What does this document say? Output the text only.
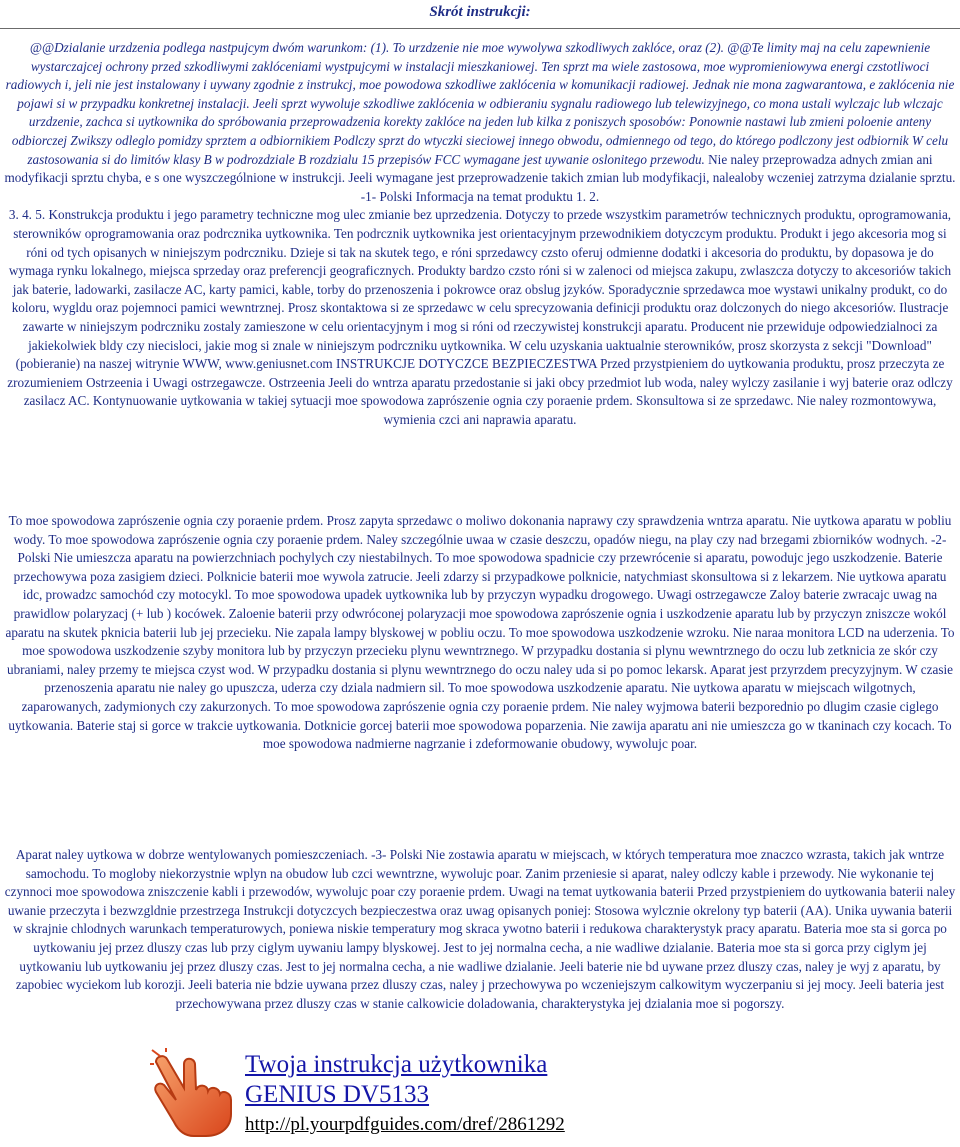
Skrót instrukcji:
@@Dzialanie urzdzenia podlega nastpujcym dwóm warunkom: (1). To urzdzenie nie moe wywolywa szkodliwych zaklóce, oraz (2). @@Te limity maj na celu zapewnienie wystarczajcej ochrony przed szkodliwymi zaklóceniami wystpujcymi w instalacji mieszkaniowej. Ten sprzt ma wiele zastosowa, moe wypromieniowywa energi czstotliwoci radiowych i, jeli nie jest instalowany i uywany zgodnie z instrukcj, moe powodowa szkodliwe zaklócenia w komunikacji radiowej. Jednak nie mona zagwarantowa, e zaklócenia nie pojawi si w przypadku konkretnej instalacji. Jeeli sprzt wywoluje szkodliwe zaklócenia w odbieraniu sygnalu radiowego lub telewizyjnego, co mona ustali wylczajc lub wlczajc urzdzenie, zachca si uytkownika do spróbowania przeprowadzenia korekty zaklóce na jeden lub kilka z poniszych sposobów: Ponownie nastawi lub zmieni poloenie anteny odbiorczej Zwikszy odleglo pomidzy sprztem a odbiornikiem Podlczy sprzt do wtyczki sieciowej innego obwodu, odmiennego od tego, do którego podlczony jest odbiornik W celu zastosowania si do limitów klasy B w podrozdziale B rozdzialu 15 przepisów FCC wymagane jest uywanie oslonitego przewodu. Nie naley przeprowadza adnych zmian ani modyfikacji sprztu chyba, e s one wyszczególnione w instrukcji. Jeeli wymagane jest przeprowadzenie takich zmian lub modyfikacji, nalealoby wczeniej zatrzyma dzialanie sprztu. -1- Polski Informacja na temat produktu 1. 2.
3. 4. 5. Konstrukcja produktu i jego parametry techniczne mog ulec zmianie bez uprzedzenia. Dotyczy to przede wszystkim parametrów technicznych produktu, oprogramowania, sterowników oprogramowania oraz podrcznika uytkownika. Ten podrcznik uytkownika jest orientacyjnym przewodnikiem dotyczcym produktu. Produkt i jego akcesoria mog si róni od tych opisanych w niniejszym podrczniku. Dzieje si tak na skutek tego, e róni sprzedawcy czsto oferuj odmienne dodatki i akcesoria do produktu, by dopasowa je do wymaga rynku lokalnego, miejsca sprzeday oraz preferencji geograficznych. Produkty bardzo czsto róni si w zalenoci od miejsca zakupu, zwlaszcza dotyczy to akcesoriów takich jak baterie, ladowarki, zasilacze AC, karty pamici, kable, torby do przenoszenia i pokrowce oraz obslug jzyków. Sporadycznie sprzedawca moe wystawi unikalny produkt, co do koloru, wygldu oraz pojemnoci pamici wewntrznej. Prosz skontaktowa si ze sprzedawc w celu sprecyzowania definicji produktu oraz dolczonych do niego akcesoriów. Ilustracje zawarte w niniejszym podrczniku zostaly zamieszone w celu orientacyjnym i mog si róni od rzeczywistej konstrukcji aparatu. Producent nie przewiduje odpowiedzialnoci za jakiekolwiek bldy czy niecisloci, jakie mog si znale w niniejszym podrczniku uytkownika. W celu uzyskania uaktualnie sterowników, prosz skorzysta z sekcji "Download" (pobieranie) na naszej witrynie WWW, www.geniusnet.com INSTRUKCJE DOTYCZCE BEZPIECZESTWA Przed przystpieniem do uytkowania produktu, prosz przeczyta ze zrozumieniem Ostrzeenia i Uwagi ostrzegawcze. Ostrzeenia Jeeli do wntrza aparatu przedostanie si jaki obcy przedmiot lub woda, naley wylczy zasilanie i wyj baterie oraz odlczy zasilacz AC. Kontynuowanie uytkowania w takiej sytuacji moe spowodowa zaprószenie ognia czy poraenie prdem. Skonsultowa si ze sprzedawc. Nie naley rozmontowywa, wymienia czci ani naprawia aparatu.
To moe spowodowa zaprószenie ognia czy poraenie prdem. Prosz zapyta sprzedawc o moliwo dokonania naprawy czy sprawdzenia wntrza aparatu. Nie uytkowa aparatu w pobliu wody. To moe spowodowa zaprószenie ognia czy poraenie prdem. Naley szczególnie uwaa w czasie deszczu, opadów niegu, na play czy nad brzegami zbiorników wodnych. -2- Polski Nie umieszcza aparatu na powierzchniach pochylych czy niestabilnych. To moe spowodowa spadnicie czy przewrócenie si aparatu, powodujc jego uszkodzenie. Baterie przechowywa poza zasigiem dzieci. Polknicie baterii moe wywola zatrucie. Jeeli zdarzy si przypadkowe polknicie, natychmiast skonsultowa si z lekarzem. Nie uytkowa aparatu idc, prowadzc samochód czy motocykl. To moe spowodowa upadek uytkownika lub by przyczyn wypadku drogowego. Uwagi ostrzegawcze Zaloy baterie zwracajc uwag na prawidlow polaryzacj (+ lub ) kocówek. Zaloenie baterii przy odwróconej polaryzacji moe spowodowa zaprószenie ognia i uszkodzenie aparatu lub by przyczyn zniszcze wokól aparatu na skutek pknicia baterii lub jej przecieku. Nie zapala lampy blyskowej w pobliu oczu. To moe spowodowa uszkodzenie wzroku. Nie naraa monitora LCD na uderzenia. To moe spowodowa uszkodzenie szyby monitora lub by przyczyn przecieku plynu wewntrznego. W przypadku dostania si plynu wewntrznego do oczu lub zetknicia ze skór czy ubraniami, naley przemy te miejsca czyst wod. W przypadku dostania si plynu wewntrznego do oczu naley uda si po pomoc lekarsk. Aparat jest przyrzdem precyzyjnym. W czasie przenoszenia aparatu nie naley go upuszcza, uderza czy dziala nadmiern sil. To moe spowodowa uszkodzenie aparatu. Nie uytkowa aparatu w miejscach wilgotnych, zaparowanych, zadymionych czy zakurzonych. To moe spowodowa zaprószenie ognia czy poraenie prdem. Nie naley wyjmowa baterii bezporednio po dlugim czasie ciglego uytkowania. Baterie staj si gorce w trakcie uytkowania. Dotknicie gorcej baterii moe spowodowa poparzenia. Nie zawija aparatu ani nie umieszcza go w tkaninach czy kocach. To moe spowodowa nadmierne nagrzanie i zdeformowanie obudowy, wywolujc poar.
Aparat naley uytkowa w dobrze wentylowanych pomieszczeniach. -3- Polski Nie zostawia aparatu w miejscach, w których temperatura moe znaczco wzrasta, takich jak wntrze samochodu. To mogloby niekorzystnie wplyn na obudow lub czci wewntrzne, wywolujc poar. Zanim przeniesie si aparat, naley odlczy kable i przewody. Nie wykonanie tej czynnoci moe spowodowa zniszczenie kabli i przewodów, wywolujc poar czy poraenie prdem. Uwagi na temat uytkowania baterii Przed przystpieniem do uytkowania baterii naley uwanie przeczyta i bezwzgldnie przestrzega Instrukcji dotyczcych bezpieczestwa oraz uwag opisanych poniej: Stosowa wylcznie okrelony typ baterii (AA). Unika uywania baterii w skrajnie chlodnych warunkach temperaturowych, poniewa niskie temperatury mog skraca ywotno baterii i redukowa charakterystyk pracy aparatu. Bateria moe sta si gorca po uytkowaniu jej przez dluszy czas lub przy ciglym uywaniu lampy blyskowej. Jest to jej normalna cecha, a nie wadliwe dzialanie. Bateria moe sta si gorca przy ciglym jej uytkowaniu lub uytkowaniu jej przez dluszy czas. Jest to jej normalna cecha, a nie wadliwe dzialanie. Jeeli baterie nie bd uywane przez dluszy czas, naley je wyj z aparatu, by zapobiec wyciekom lub korozji. Jeeli bateria nie bdzie uywana przez dluszy czas, naley j przechowywa po wczeniejszym calkowitym wyczerpaniu si jej mocy. Jeeli bateria jest przechowywana przez dluszy czas w stanie calkowicie doladowania, charakterystyka jej dzialania moe si pogorszy.
Twoja instrukcja użytkownika
GENIUS DV5133
http://pl.yourpdfguides.com/dref/2861292
